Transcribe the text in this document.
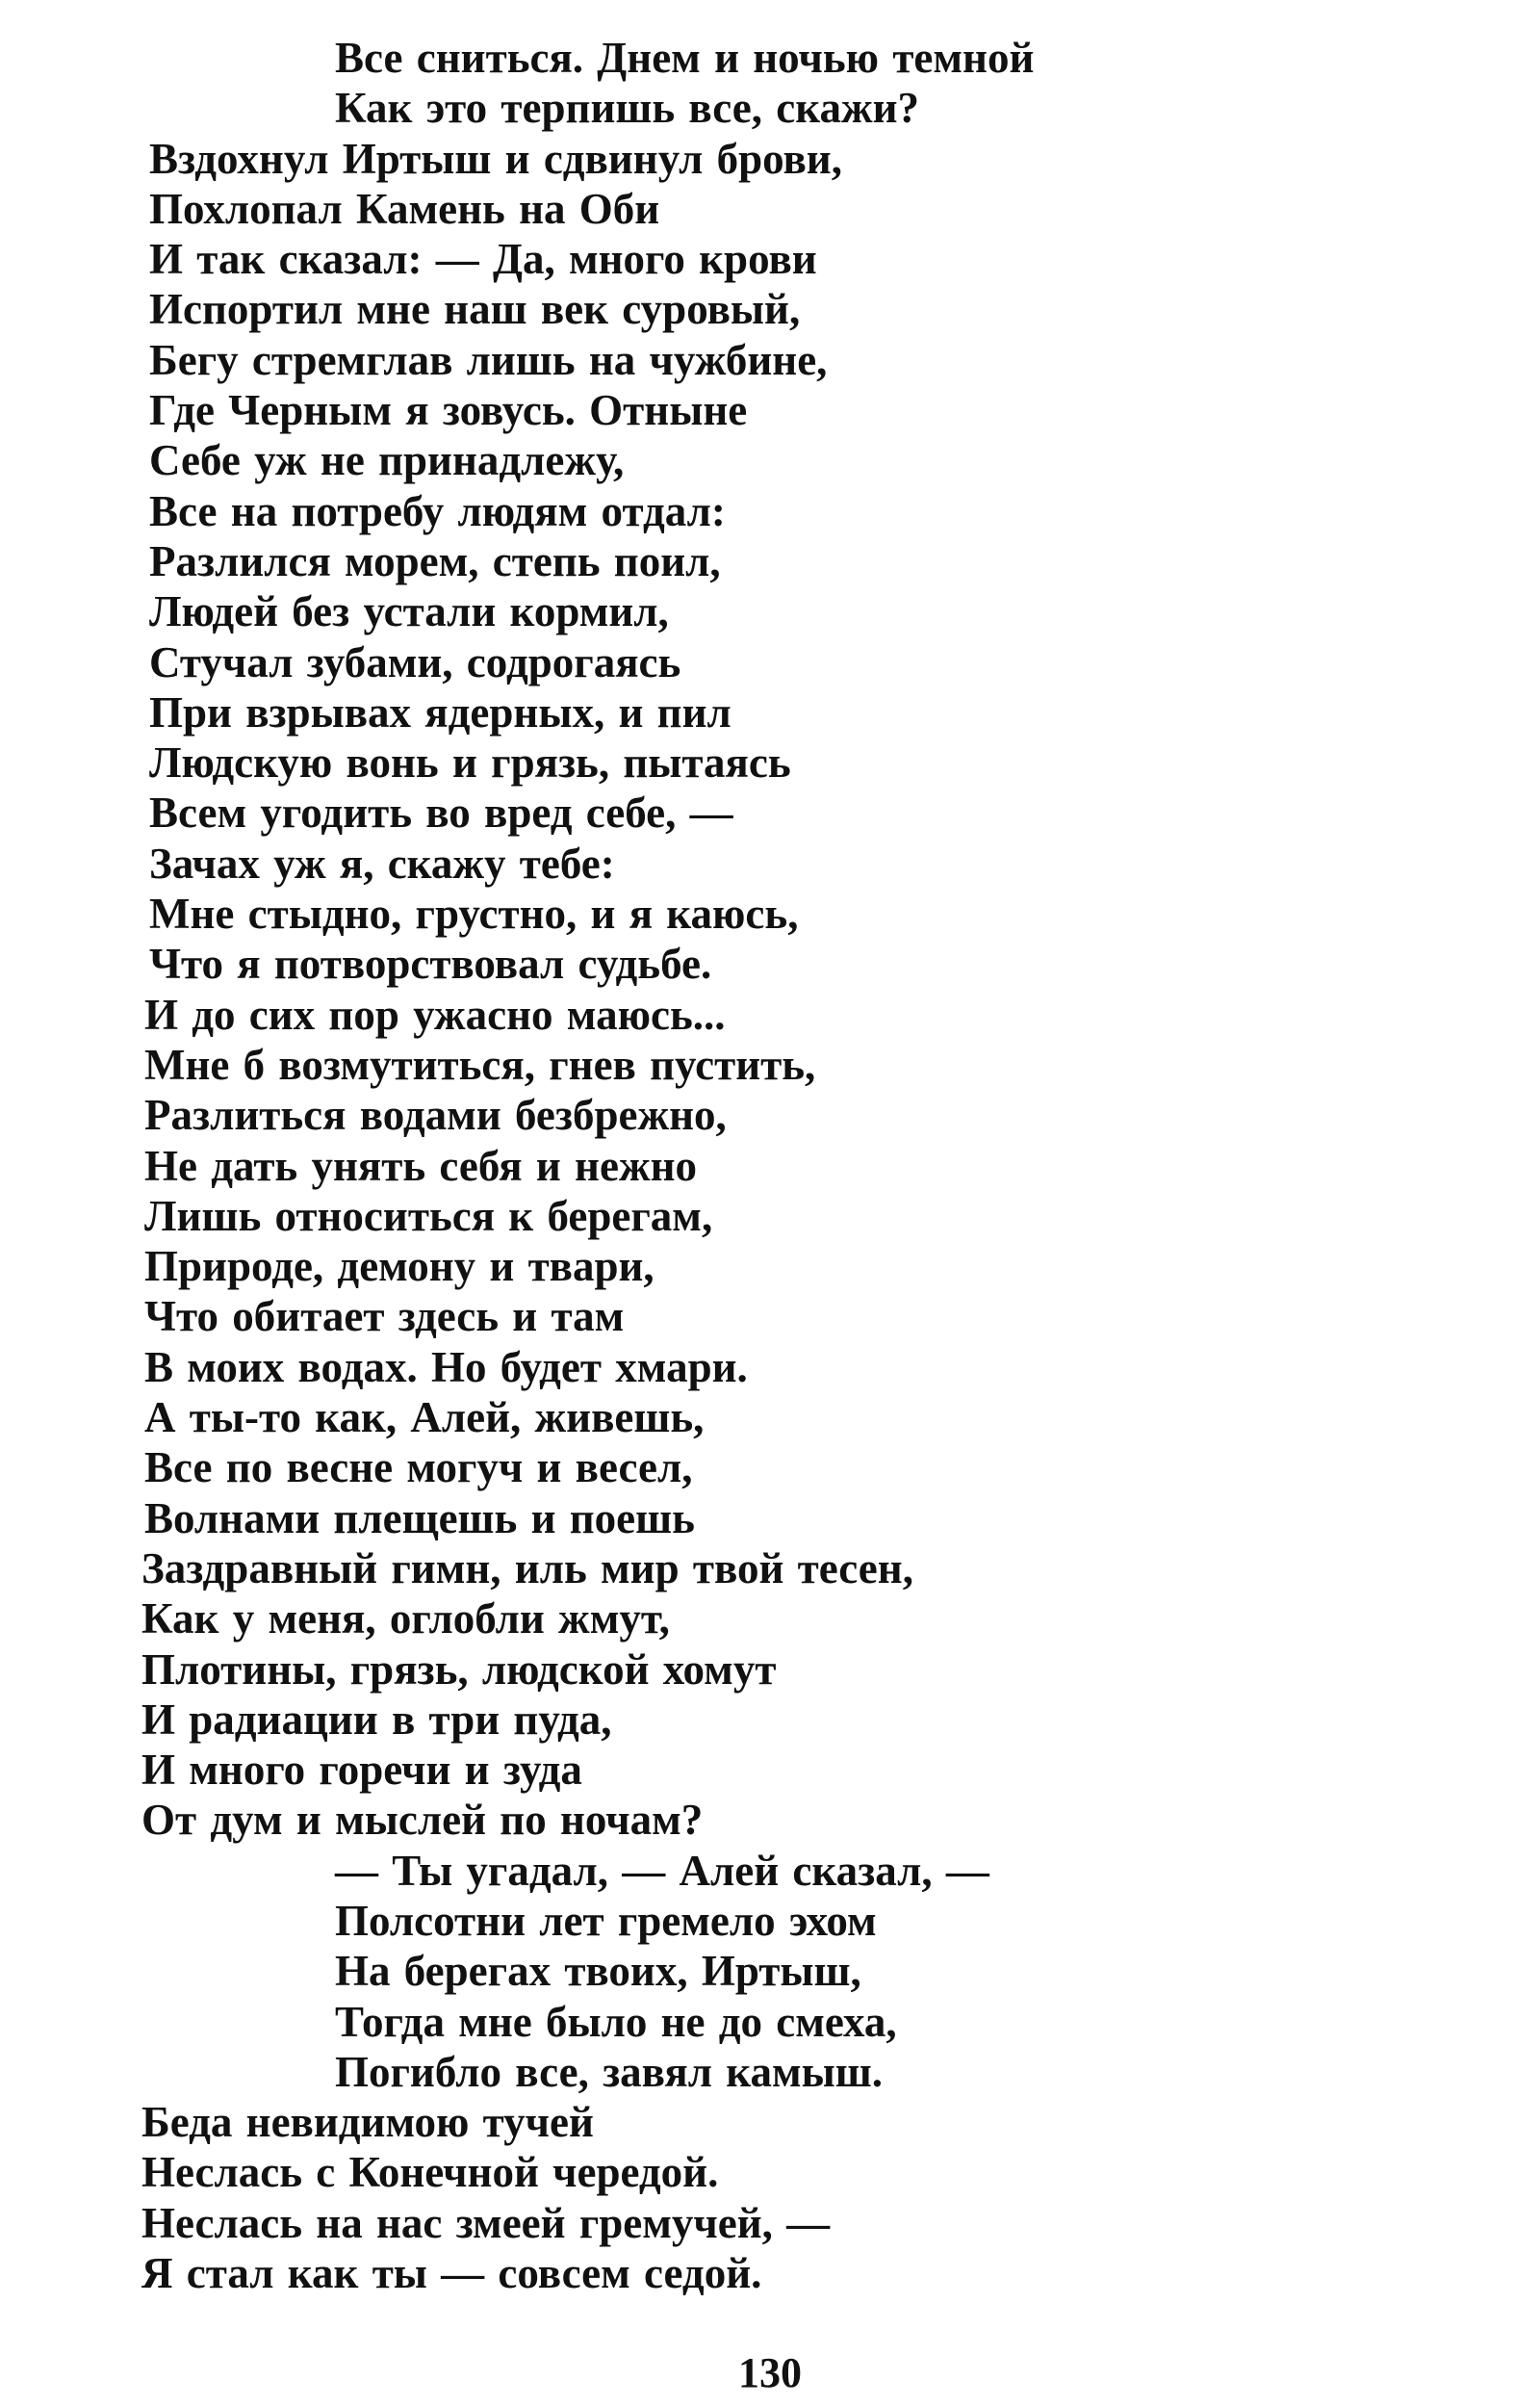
Все сниться. Днем и ночью темной
Как это терпишь все, скажи?
Вздохнул Иртыш и сдвинул брови,
Похлопал Камень на Оби
И так сказал: — Да, много крови
Испортил мне наш век суровый,
Бегу стремглав лишь на чужбине,
Где Черным я зовусь. Отныне
Себе уж не принадлежу,
Все на потребу людям отдал:
Разлился морем, степь поил,
Людей без устали кормил,
Стучал зубами, содрогаясь
При взрывах ядерных, и пил
Людскую вонь и грязь, пытаясь
Всем угодить во вред себе, —
Зачах уж я, скажу тебе:
Мне стыдно, грустно, и я каюсь,
Что я потворствовал судьбе.
И до сих пор ужасно маюсь...
Мне б возмутиться, гнев пустить,
Разлиться водами безбрежно,
Не дать унять себя и нежно
Лишь относиться к берегам,
Природе, демону и твари,
Что обитает здесь и там
В моих водах. Но будет хмари.
А ты-то как, Алей, живешь,
Все по весне могуч и весел,
Волнами плещешь и поешь
Заздравный гимн, иль мир твой тесен,
Как у меня, оглобли жмут,
Плотины, грязь, людской хомут
И радиации в три пуда,
И много горечи и зуда
От дум и мыслей по ночам?
— Ты угадал, — Алей сказал, —
Полсотни лет гремело эхом
На берегах твоих, Иртыш,
Тогда мне было не до смеха,
Погибло все, завял камыш.
Беда невидимою тучей
Неслась с Конечной чередой.
Неслась на нас змеей гремучей, —
Я стал как ты — совсем седой.
130
